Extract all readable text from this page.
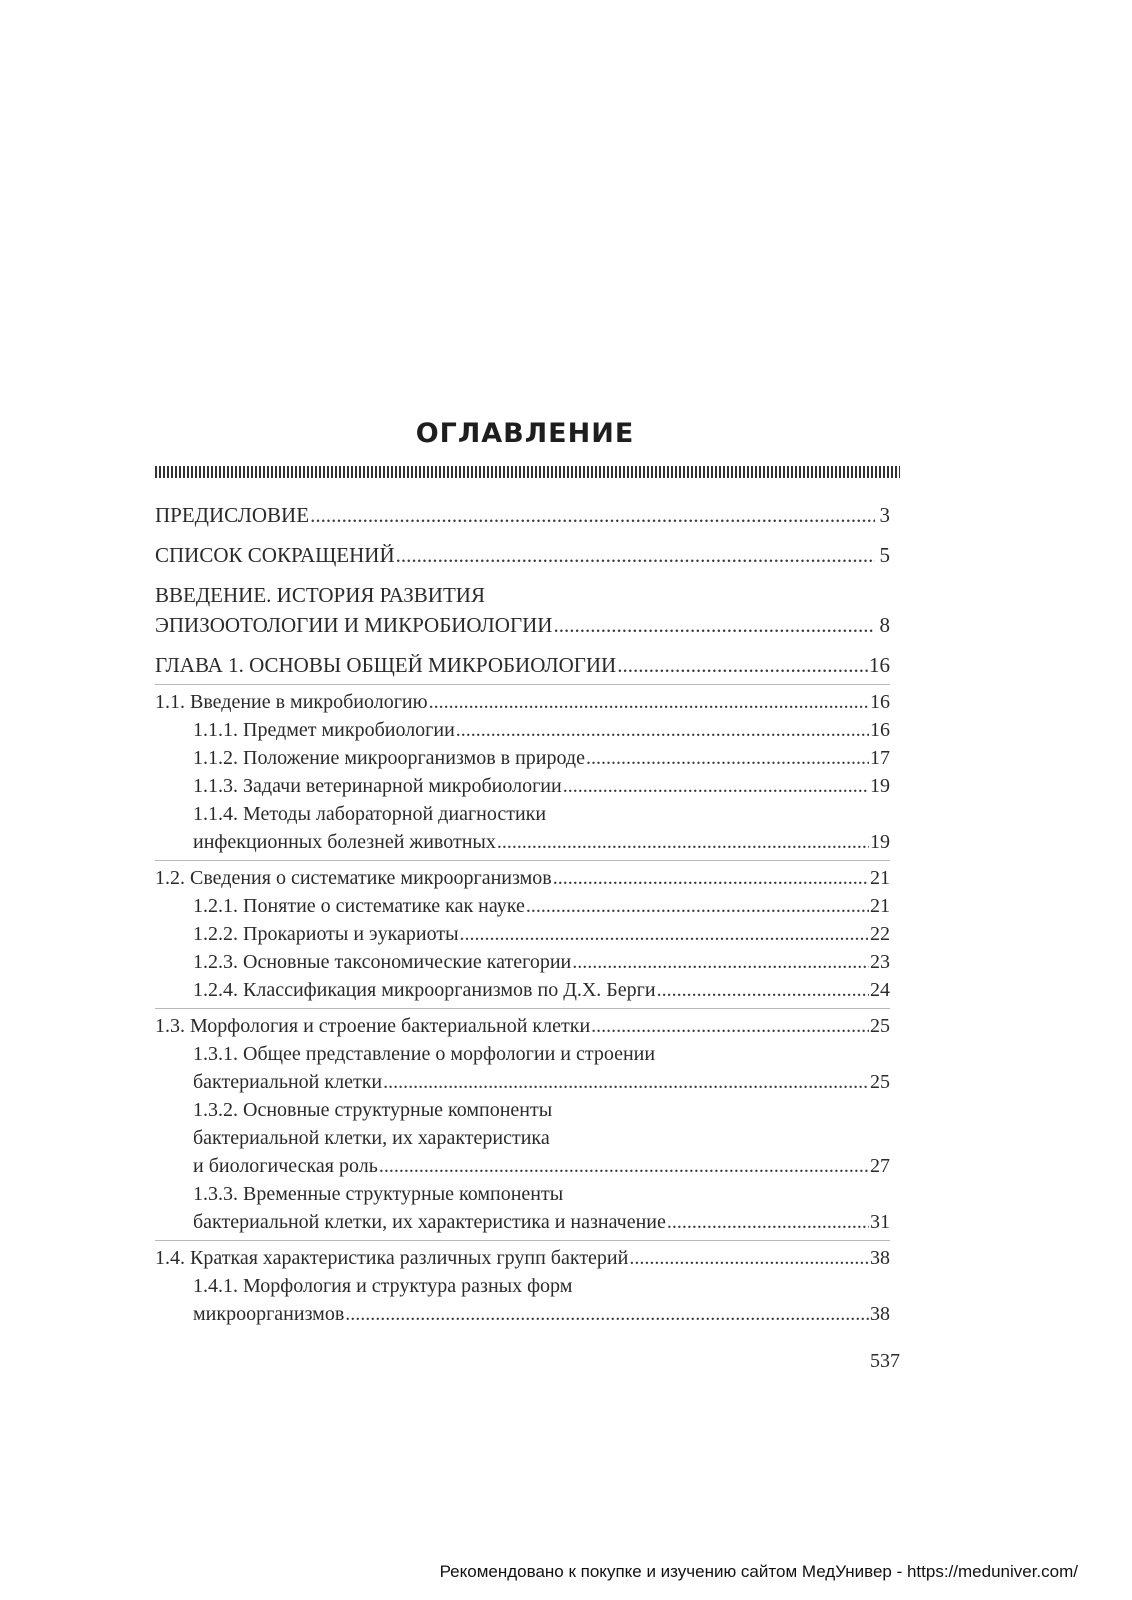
ОГЛАВЛЕНИЕ
ПРЕДИСЛОВИЕ .....	3
СПИСОК СОКРАЩЕНИЙ .....	5
ВВЕДЕНИЕ. ИСТОРИЯ РАЗВИТИЯ
ЭПИЗООТОЛОГИИ И МИКРОБИОЛОГИИ .....	8
ГЛАВА 1. ОСНОВЫ ОБЩЕЙ МИКРОБИОЛОГИИ .....	16
1.1. Введение в микробиологию .....	16
1.1.1. Предмет микробиологии .....	16
1.1.2. Положение микроорганизмов в природе .....	17
1.1.3. Задачи ветеринарной микробиологии .....	19
1.1.4. Методы лабораторной диагностики
инфекционных болезней животных .....	19
1.2. Сведения о систематике микроорганизмов .....	21
1.2.1. Понятие о систематике как науке .....	21
1.2.2. Прокариоты и эукариоты .....	22
1.2.3. Основные таксономические категории .....	23
1.2.4. Классификация микроорганизмов по Д.Х. Берги .....	24
1.3. Морфология и строение бактериальной клетки .....	25
1.3.1. Общее представление о морфологии и строении
бактериальной клетки .....	25
1.3.2. Основные структурные компоненты
бактериальной клетки, их характеристика
и биологическая роль .....	27
1.3.3. Временные структурные компоненты
бактериальной клетки, их характеристика и назначение .....	31
1.4. Краткая характеристика различных групп бактерий .....	38
1.4.1. Морфология и структура разных форм
микроорганизмов .....	38
537
Рекомендовано к покупке и изучению сайтом МедУнивер - https://meduniver.com/
